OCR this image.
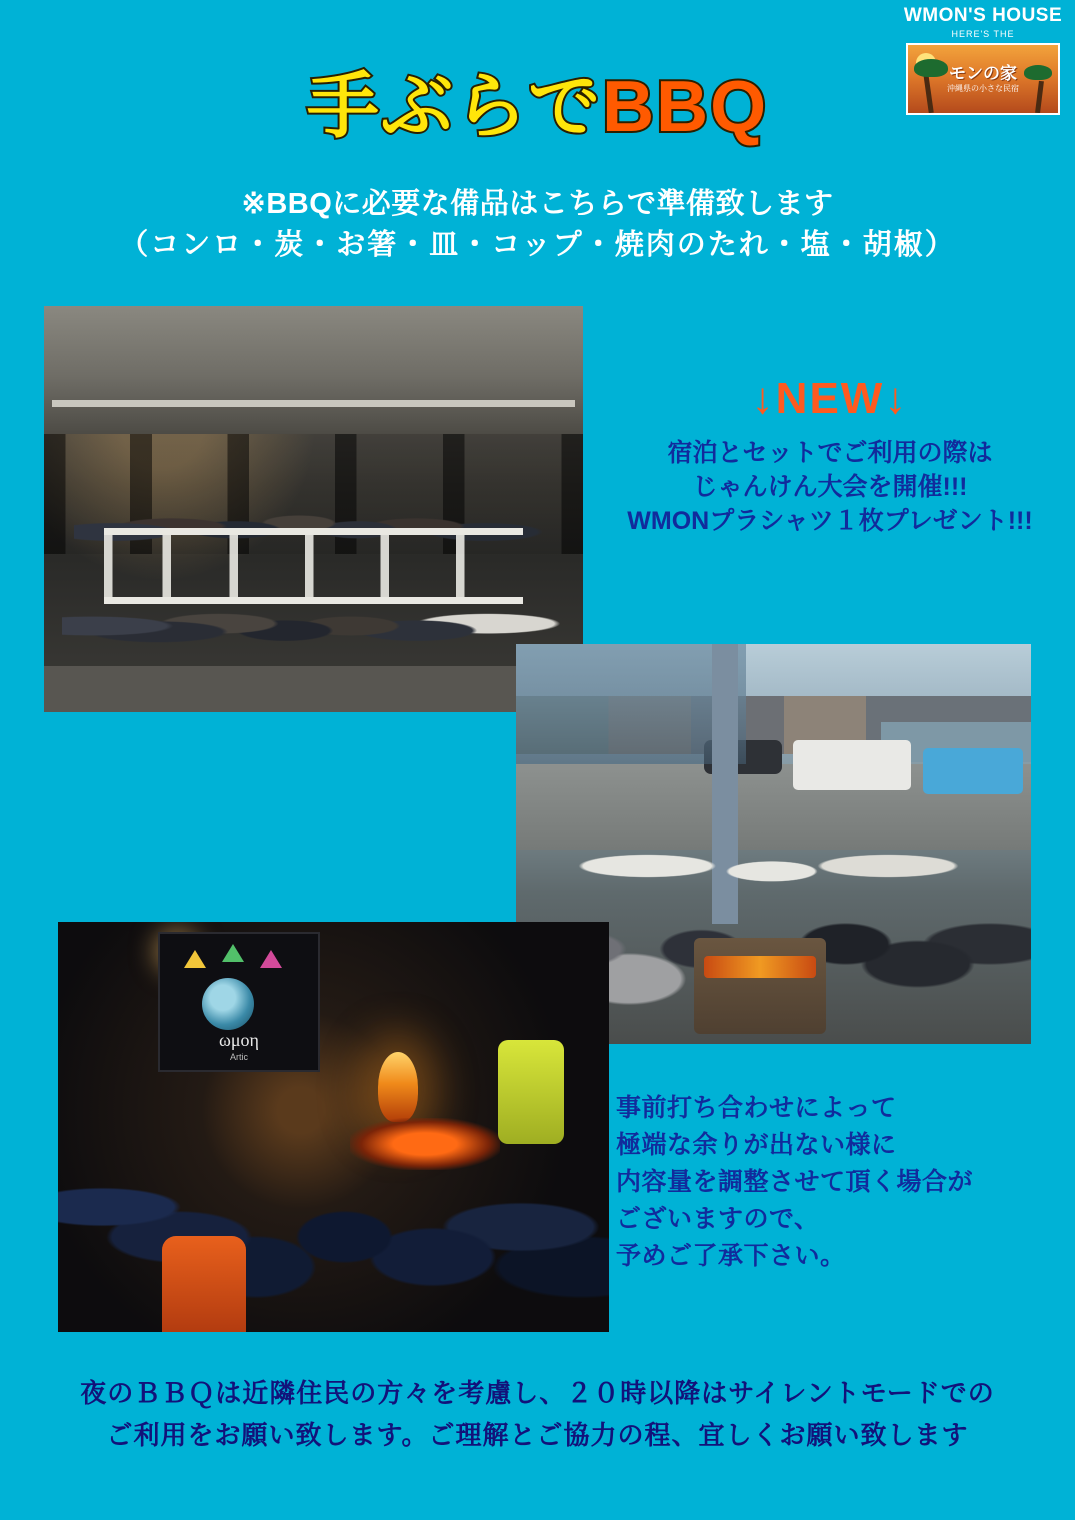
WMON'S HOUSE
HERE'S THE
モンの家
沖縄県の小さな民宿
手ぶらでBBQ
※BBQに必要な備品はこちらで準備致します
（コンロ・炭・お箸・皿・コップ・焼肉のたれ・塩・胡椒）
ωμoη
Artic
↓NEW↓
宿泊とセットでご利用の際は
じゃんけん大会を開催!!!
WMONプラシャツ１枚プレゼント!!!
事前打ち合わせによって
極端な余りが出ない様に
内容量を調整させて頂く場合が
ございますので、
予めご了承下さい。
夜のＢＢＱは近隣住民の方々を考慮し、２０時以降はサイレントモードでの
ご利用をお願い致します。ご理解とご協力の程、宜しくお願い致します
